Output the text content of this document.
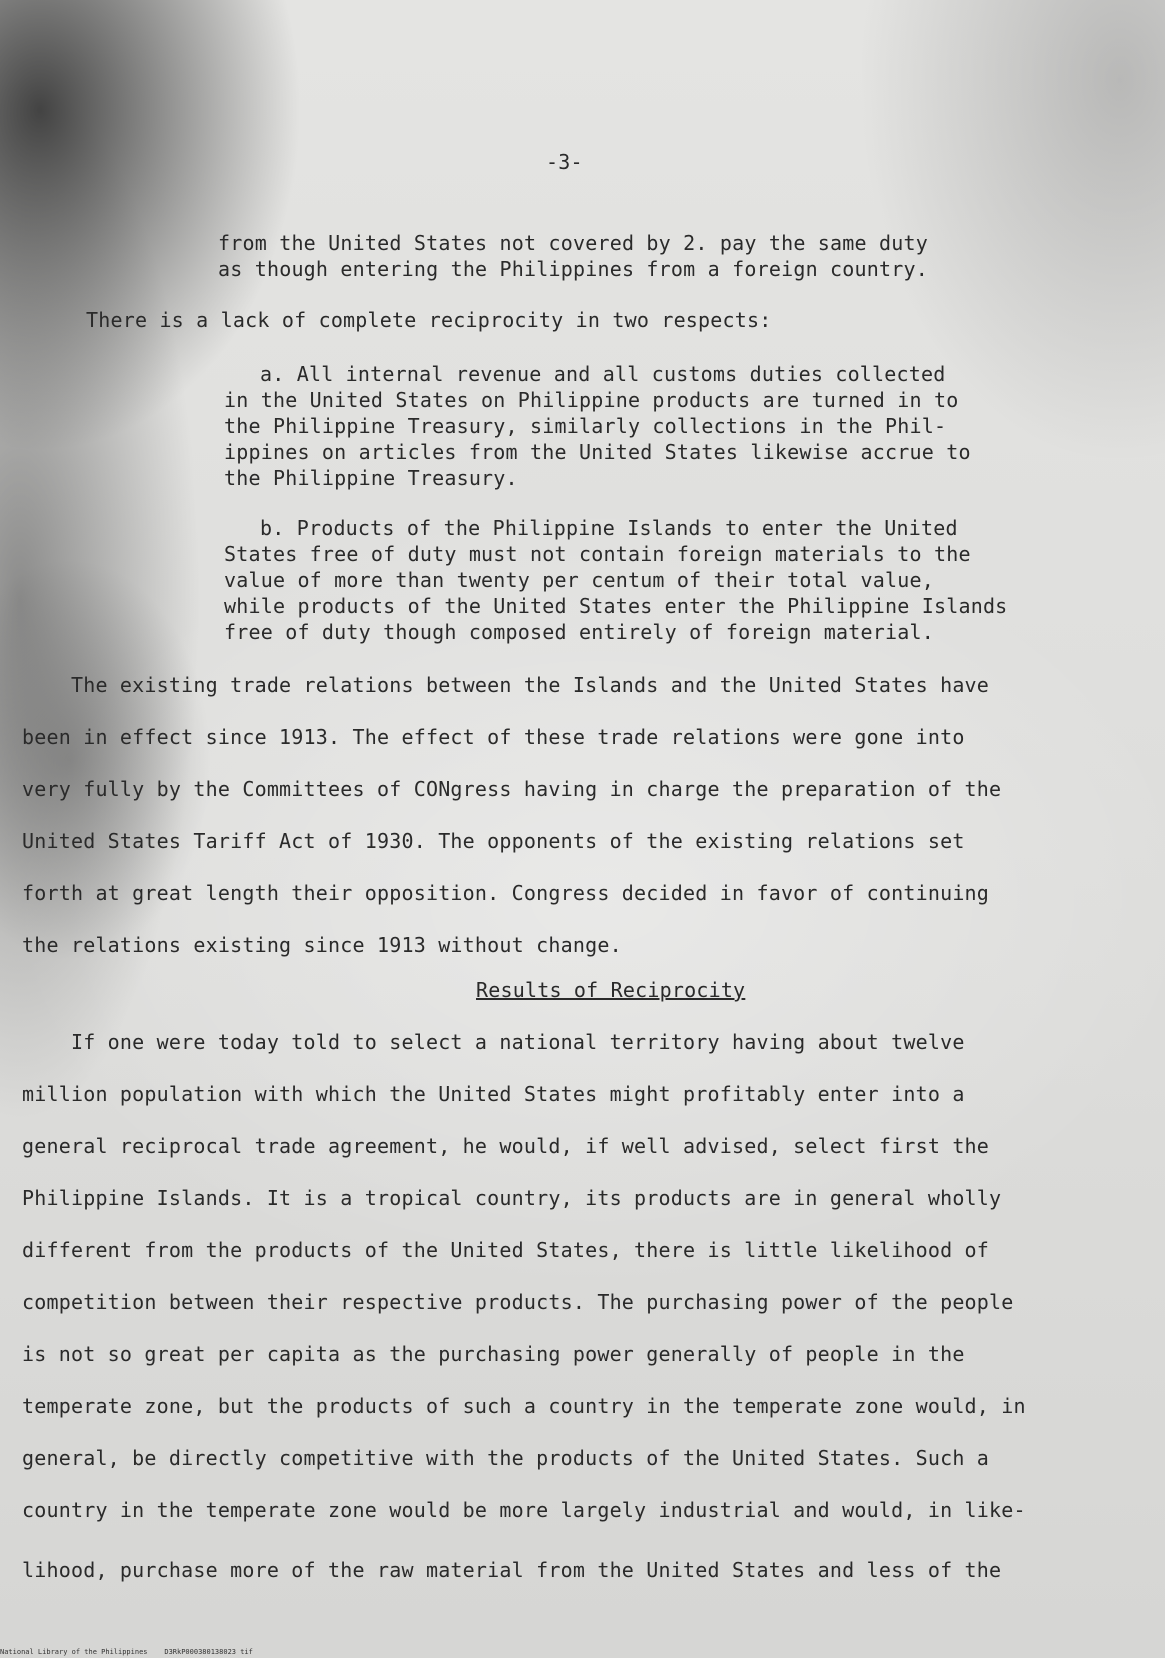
-3-
from the United States not covered by 2. pay the same duty
as though entering the Philippines from a foreign country.
There is a lack of complete reciprocity in two respects:
a. All internal revenue and all customs duties collected
in the United States on Philippine products are turned in to
the Philippine Treasury, similarly collections in the Phil-
ippines on articles from the United States likewise accrue to
the Philippine Treasury.
b. Products of the Philippine Islands to enter the United
States free of duty must not contain foreign materials to the
value of more than twenty per centum of their total value,
while products of the United States enter the Philippine Islands
free of duty though composed entirely of foreign material.
The existing trade relations between the Islands and the United States have
been in effect since 1913. The effect of these trade relations were gone into
very fully by the Committees of CONgress having in charge the preparation of the
United States Tariff Act of 1930. The opponents of the existing relations set
forth at great length their opposition. Congress decided in favor of continuing
the relations existing since 1913 without change.
Results of Reciprocity
If one were today told to select a national territory having about twelve
million population with which the United States might profitably enter into a
general reciprocal trade agreement, he would, if well advised, select first the
Philippine Islands. It is a tropical country, its products are in general wholly
different from the products of the United States, there is little likelihood of
competition between their respective products. The purchasing power of the people
is not so great per capita as the purchasing power generally of people in the
temperate zone, but the products of such a country in the temperate zone would, in
general, be directly competitive with the products of the United States. Such a
country in the temperate zone would be more largely industrial and would, in like-
lihood, purchase more of the raw material from the United States and less of the
National Library of the Philippines    D3RkP000380138023 tif
